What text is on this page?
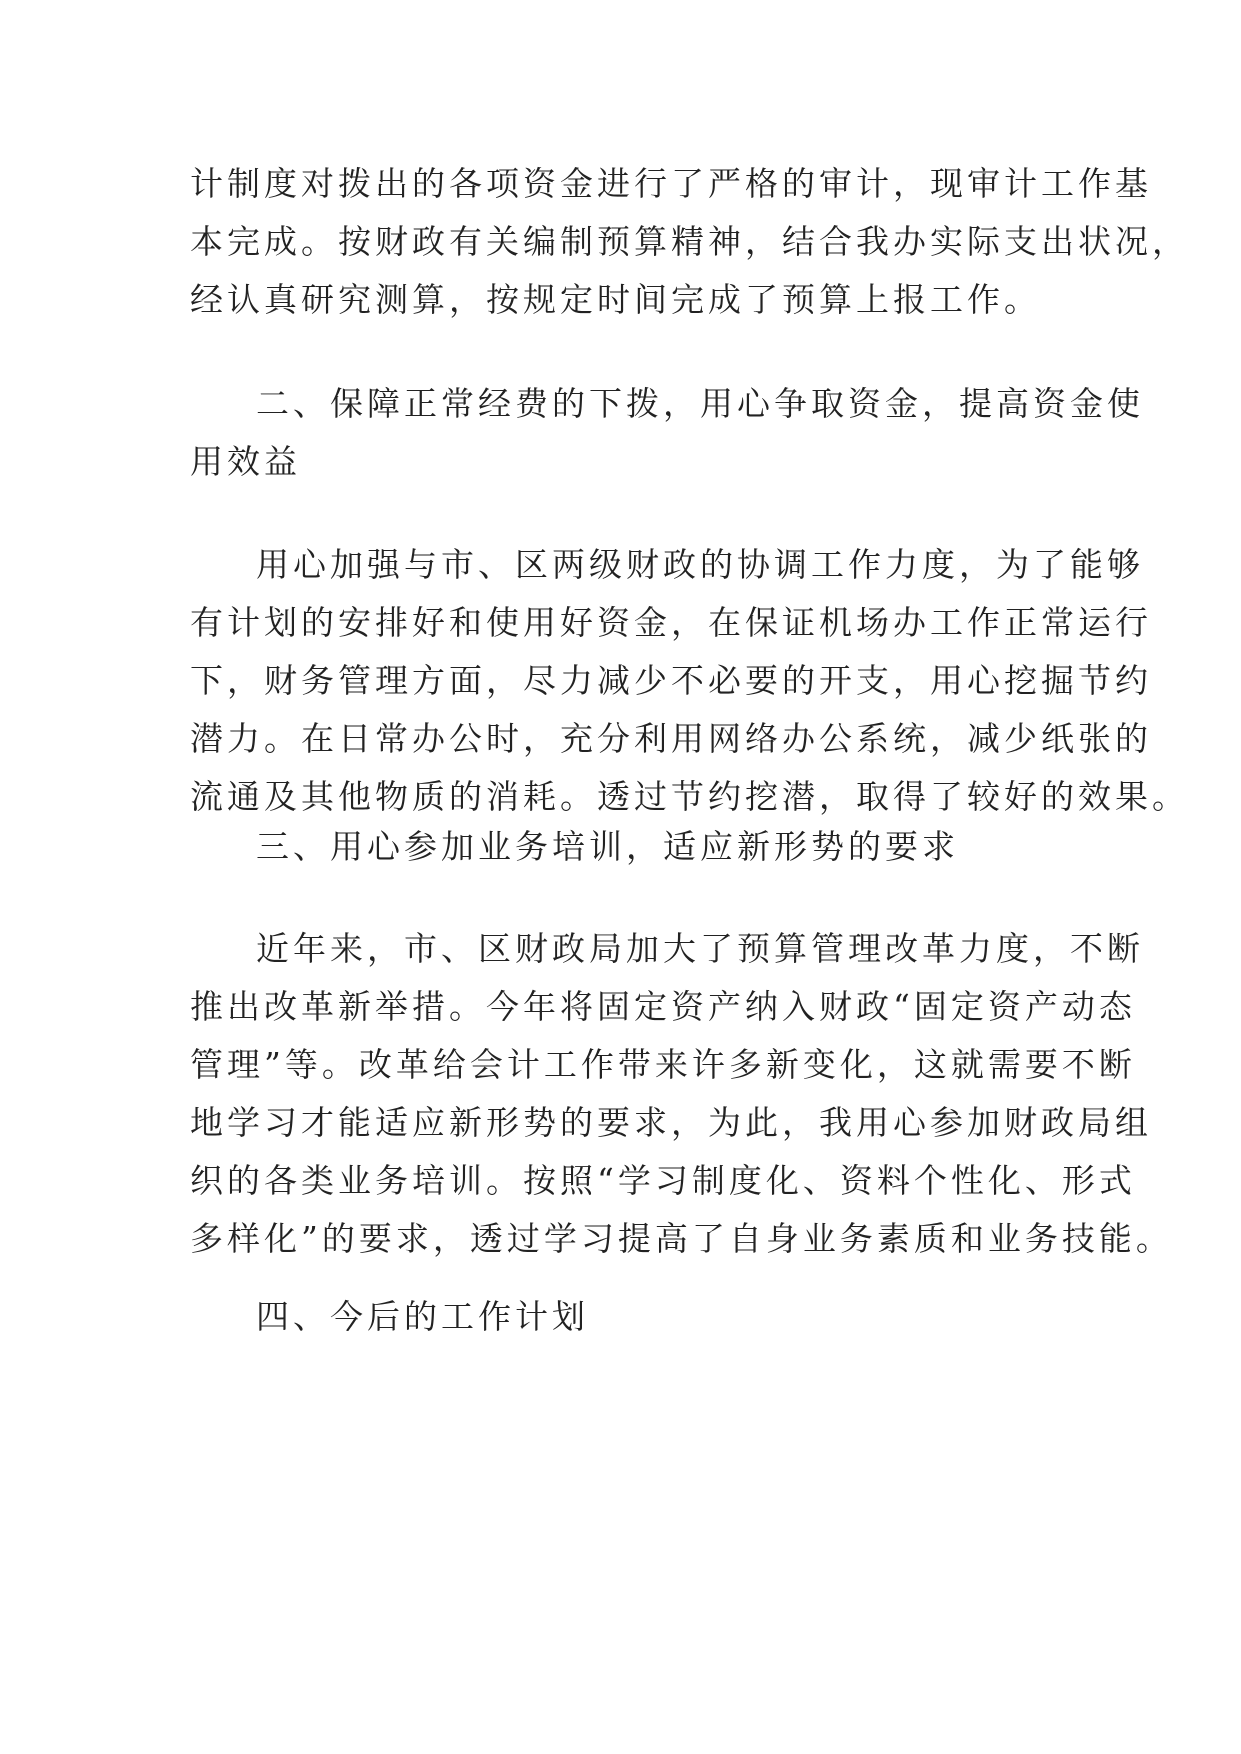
计制度对拨出的各项资金进行了严格的审计，现审计工作基
本完成。按财政有关编制预算精神，结合我办实际支出状况，
经认真研究测算，按规定时间完成了预算上报工作。
二、保障正常经费的下拨，用心争取资金，提高资金使
用效益
用心加强与市、区两级财政的协调工作力度，为了能够
有计划的安排好和使用好资金，在保证机场办工作正常运行
下，财务管理方面，尽力减少不必要的开支，用心挖掘节约
潜力。在日常办公时，充分利用网络办公系统，减少纸张的
流通及其他物质的消耗。透过节约挖潜，取得了较好的效果。
三、用心参加业务培训，适应新形势的要求
近年来，市、区财政局加大了预算管理改革力度，不断
推出改革新举措。今年将固定资产纳入财政“固定资产动态
管理”等。改革给会计工作带来许多新变化，这就需要不断
地学习才能适应新形势的要求，为此，我用心参加财政局组
织的各类业务培训。按照“学习制度化、资料个性化、形式
多样化”的要求，透过学习提高了自身业务素质和业务技能。
四、今后的工作计划
